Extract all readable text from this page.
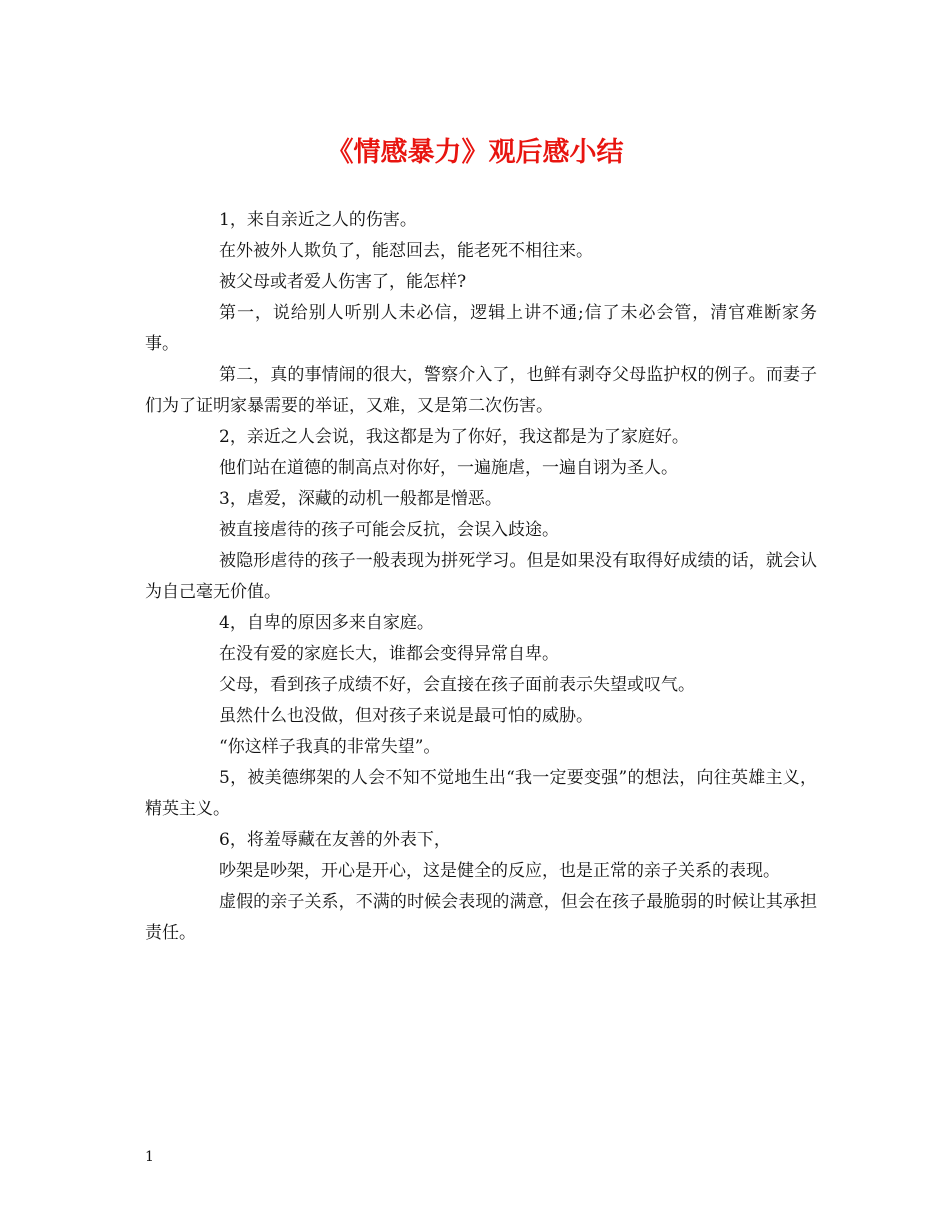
《情感暴力》观后感小结

1，来自亲近之人的伤害。

在外被外人欺负了，能怼回去，能老死不相往来。

被父母或者爱人伤害了，能怎样?

第一，说给别人听别人未必信，逻辑上讲不通;信了未必会管，清官难断家务事。

第二，真的事情闹的很大，警察介入了，也鲜有剥夺父母监护权的例子。而妻子们为了证明家暴需要的举证，又难，又是第二次伤害。

2，亲近之人会说，我这都是为了你好，我这都是为了家庭好。

他们站在道德的制高点对你好，一遍施虐，一遍自诩为圣人。

3，虐爱，深藏的动机一般都是憎恶。

被直接虐待的孩子可能会反抗，会误入歧途。

被隐形虐待的孩子一般表现为拼死学习。但是如果没有取得好成绩的话，就会认为自己毫无价值。

4，自卑的原因多来自家庭。

在没有爱的家庭长大，谁都会变得异常自卑。

父母，看到孩子成绩不好，会直接在孩子面前表示失望或叹气。

虽然什么也没做，但对孩子来说是最可怕的威胁。

“你这样子我真的非常失望”。

5，被美德绑架的人会不知不觉地生出“我一定要变强”的想法，向往英雄主义，精英主义。

6，将羞辱藏在友善的外表下，

吵架是吵架，开心是开心，这是健全的反应，也是正常的亲子关系的表现。

虚假的亲子关系，不满的时候会表现的满意，但会在孩子最脆弱的时候让其承担责任。

1
